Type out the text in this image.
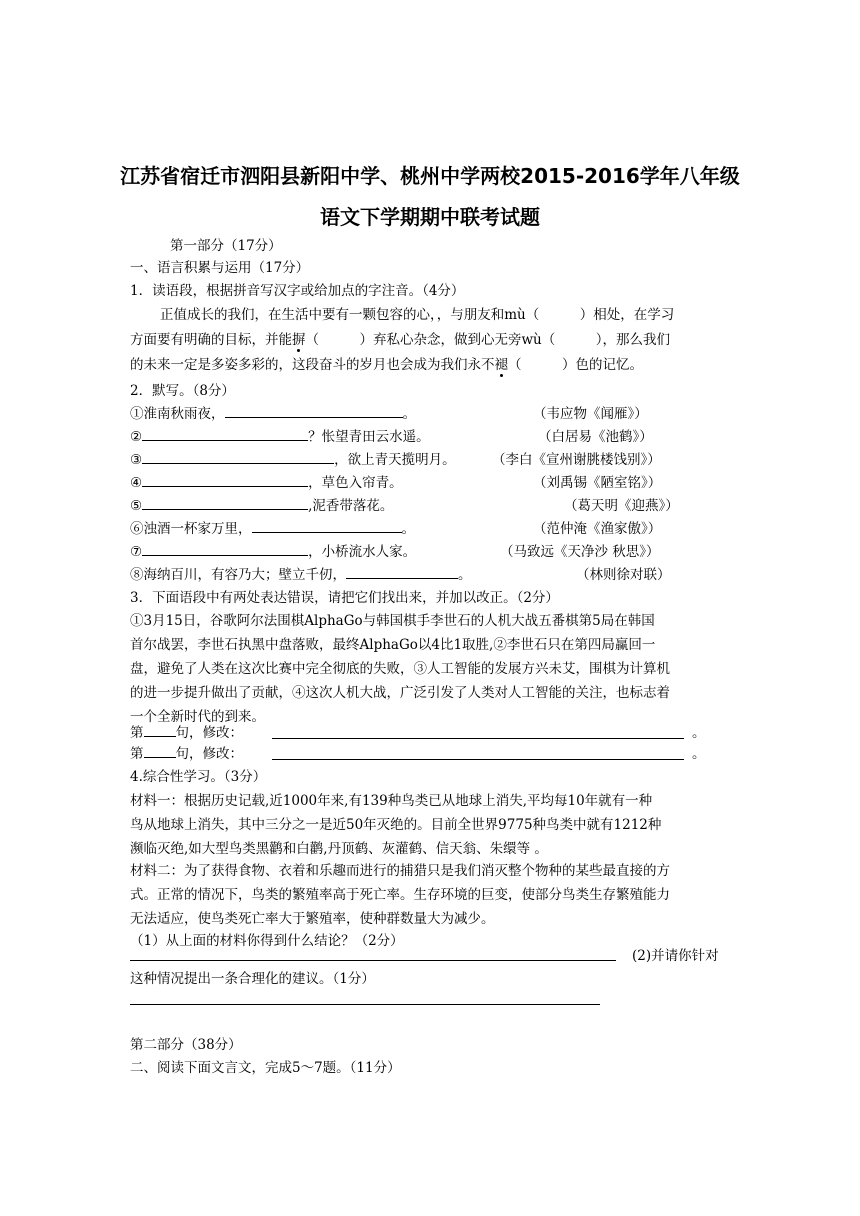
江苏省宿迁市泗阳县新阳中学、桃州中学两校2015-2016学年八年级
语文下学期期中联考试题
第一部分（17分）
一、语言积累与运用（17分）
1．读语段，根据拼音写汉字或给加点的字注音。（4分）
正值成长的我们，在生活中要有一颗包容的心，，与朋友和mù（　　　）相处，在学习
方面要有明确的目标，并能摒（　　　）弃私心杂念，做到心无旁wù（　　　），那么我们
的未来一定是多姿多彩的，这段奋斗的岁月也会成为我们永不褪（　　　）色的记忆。
2．默写。（8分）
①淮南秋雨夜，	。	（韦应物《闻雁》）
②	？怅望青田云水遥。	（白居易《池鹤》）
③	，欲上青天揽明月。	（李白《宣州谢朓楼饯别》）
④	，草色入帘青。	（刘禹锡《陋室铭》）
⑤	,泥香带落花。	（葛天明《迎燕》）
⑥浊酒一杯家万里，	。	（范仲淹《渔家傲》）
⑦	，小桥流水人家。	（马致远《天净沙 秋思》）
⑧海纳百川，有容乃大；壁立千仞，	。	（林则徐对联）
3．下面语段中有两处表达错误，请把它们找出来，并加以改正。（2分）
①3月15日，谷歌阿尔法围棋AlphaGo与韩国棋手李世石的人机大战五番棋第5局在韩国
首尔战罢，李世石执黑中盘落败，最终AlphaGo以4比1取胜,②李世石只在第四局赢回一
盘，避免了人类在这次比赛中完全彻底的失败，③人工智能的发展方兴未艾，围棋为计算机
的进一步提升做出了贡献，④这次人机大战，广泛引发了人类对人工智能的关注，也标志着
一个全新时代的到来。
第 句，修改：	。
第 句，修改：	。
4.综合性学习。（3分）
材料一：根据历史记载,近1000年来,有139种鸟类已从地球上消失,平均每10年就有一种
鸟从地球上消失，其中三分之一是近50年灭绝的。目前全世界9775种鸟类中就有1212种
濒临灭绝,如大型鸟类黑鹳和白鹳,丹顶鹤、灰灌鹤、信天翁、朱缳等 。
材料二：为了获得食物、衣着和乐趣而进行的捕猎只是我们消灭整个物种的某些最直接的方
式。正常的情况下，鸟类的繁殖率高于死亡率。生存环境的巨变，使部分鸟类生存繁殖能力
无法适应，使鸟类死亡率大于繁殖率，使种群数量大为减少。
（1）从上面的材料你得到什么结论？（2分）
(2)并请你针对
这种情况提出一条合理化的建议。（1分）
第二部分（38分）
二、阅读下面文言文，完成5～7题。（11分）
